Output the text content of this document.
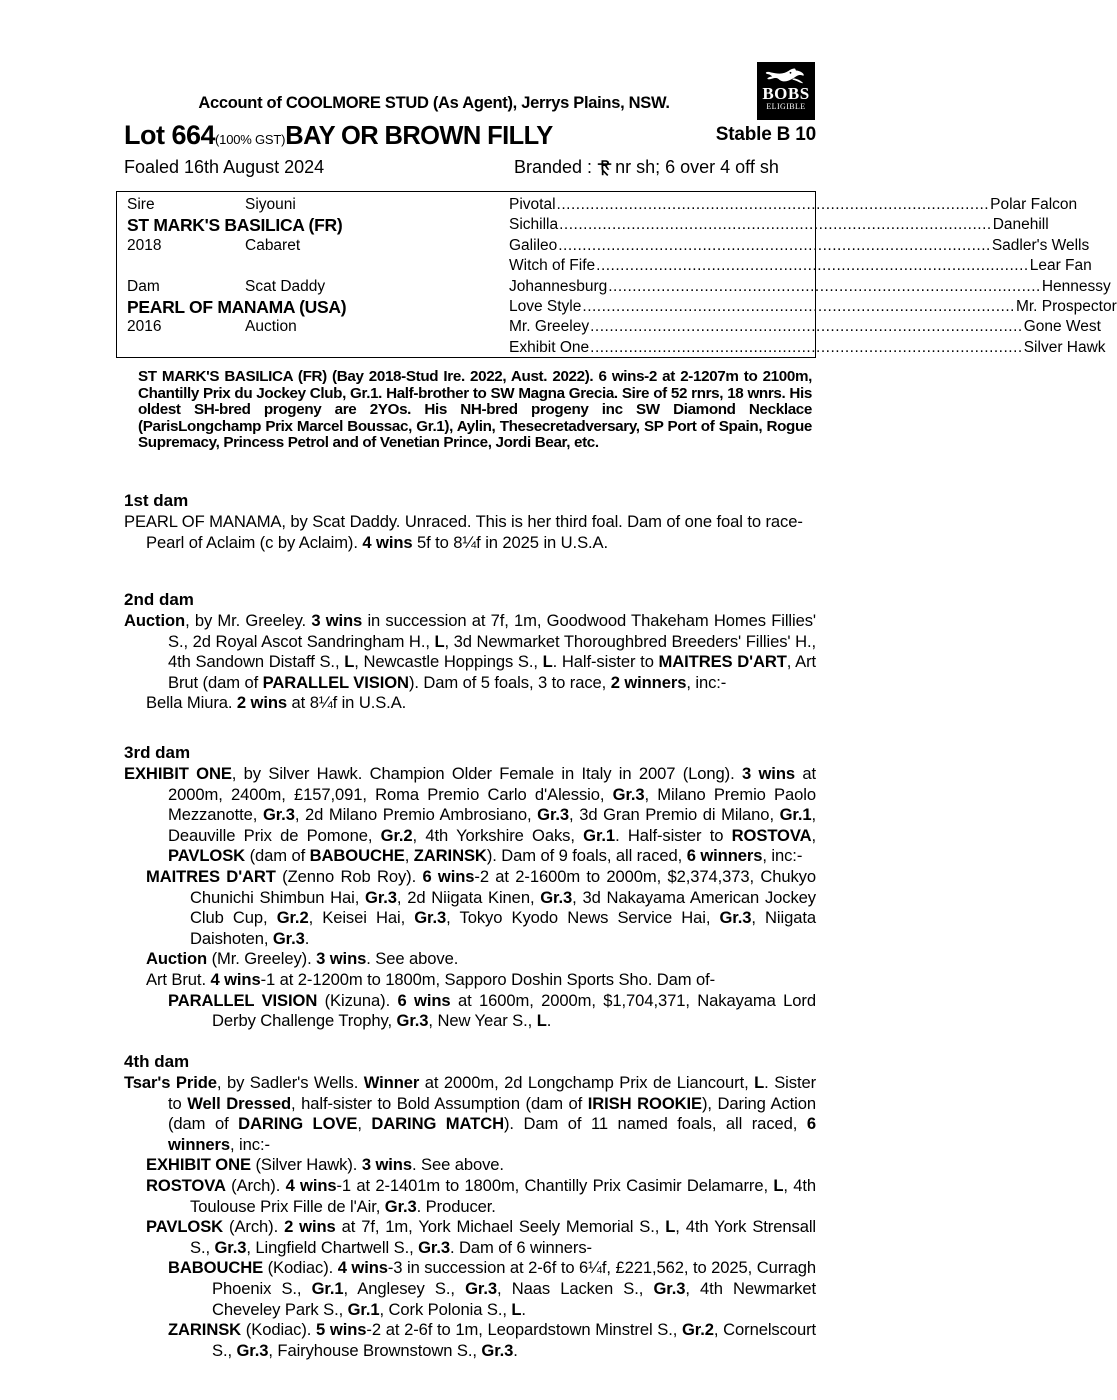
BOBS
ELIGIBLE
Account of COOLMORE STUD (As Agent), Jerrys Plains, NSW.
Lot 664(100% GST)BAY OR BROWN FILLY	Stable B 10
Foaled 16th August 2024	Branded : nr sh; 6 over 4 off sh
Sire	Siyouni
ST MARK'S BASILICA (FR)
2018	Cabaret
Dam	Scat Daddy
PEARL OF MANAMA (USA)
2016	Auction
Pivotal .......................................................................................... Polar Falcon
Sichilla .......................................................................................... Danehill
Galileo .......................................................................................... Sadler's Wells
Witch of Fife .......................................................................................... Lear Fan
Johannesburg .......................................................................................... Hennessy
Love Style .......................................................................................... Mr. Prospector
Mr. Greeley .......................................................................................... Gone West
Exhibit One .......................................................................................... Silver Hawk
ST MARK'S BASILICA (FR) (Bay 2018-Stud Ire. 2022, Aust. 2022). 6 wins-2 at 2-1207m to 2100m, Chantilly Prix du Jockey Club, Gr.1. Half-brother to SW Magna Grecia. Sire of 52 rnrs, 18 wnrs. His oldest SH-bred progeny are 2YOs. His NH-bred progeny inc SW Diamond Necklace (ParisLongchamp Prix Marcel Boussac, Gr.1), Aylin, Thesecretadversary, SP Port of Spain, Rogue Supremacy, Princess Petrol and of Venetian Prince, Jordi Bear, etc.
1st dam
PEARL OF MANAMA, by Scat Daddy. Unraced. This is her third foal. Dam of one foal to race-
Pearl of Aclaim (c by Aclaim). 4 wins 5f to 8¼f in 2025 in U.S.A.
2nd dam
Auction, by Mr. Greeley. 3 wins in succession at 7f, 1m, Goodwood Thakeham Homes Fillies' S., 2d Royal Ascot Sandringham H., L, 3d Newmarket Thoroughbred Breeders' Fillies' H., 4th Sandown Distaff S., L, Newcastle Hoppings S., L. Half-sister to MAITRES D'ART, Art Brut (dam of PARALLEL VISION). Dam of 5 foals, 3 to race, 2 winners, inc:-
Bella Miura. 2 wins at 8¼f in U.S.A.
3rd dam
EXHIBIT ONE, by Silver Hawk. Champion Older Female in Italy in 2007 (Long). 3 wins at 2000m, 2400m, £157,091, Roma Premio Carlo d'Alessio, Gr.3, Milano Premio Paolo Mezzanotte, Gr.3, 2d Milano Premio Ambrosiano, Gr.3, 3d Gran Premio di Milano, Gr.1, Deauville Prix de Pomone, Gr.2, 4th Yorkshire Oaks, Gr.1. Half-sister to ROSTOVA, PAVLOSK (dam of BABOUCHE, ZARINSK). Dam of 9 foals, all raced, 6 winners, inc:-
MAITRES D'ART (Zenno Rob Roy). 6 wins-2 at 2-1600m to 2000m, $2,374,373, Chukyo Chunichi Shimbun Hai, Gr.3, 2d Niigata Kinen, Gr.3, 3d Nakayama American Jockey Club Cup, Gr.2, Keisei Hai, Gr.3, Tokyo Kyodo News Service Hai, Gr.3, Niigata Daishoten, Gr.3.
Auction (Mr. Greeley). 3 wins. See above.
Art Brut. 4 wins-1 at 2-1200m to 1800m, Sapporo Doshin Sports Sho. Dam of-
PARALLEL VISION (Kizuna). 6 wins at 1600m, 2000m, $1,704,371, Nakayama Lord Derby Challenge Trophy, Gr.3, New Year S., L.
4th dam
Tsar's Pride, by Sadler's Wells. Winner at 2000m, 2d Longchamp Prix de Liancourt, L. Sister to Well Dressed, half-sister to Bold Assumption (dam of IRISH ROOKIE), Daring Action (dam of DARING LOVE, DARING MATCH). Dam of 11 named foals, all raced, 6 winners, inc:-
EXHIBIT ONE (Silver Hawk). 3 wins. See above.
ROSTOVA (Arch). 4 wins-1 at 2-1401m to 1800m, Chantilly Prix Casimir Delamarre, L, 4th Toulouse Prix Fille de l'Air, Gr.3. Producer.
PAVLOSK (Arch). 2 wins at 7f, 1m, York Michael Seely Memorial S., L, 4th York Strensall S., Gr.3, Lingfield Chartwell S., Gr.3. Dam of 6 winners-
BABOUCHE (Kodiac). 4 wins-3 in succession at 2-6f to 6¼f, £221,562, to 2025, Curragh Phoenix S., Gr.1, Anglesey S., Gr.3, Naas Lacken S., Gr.3, 4th Newmarket Cheveley Park S., Gr.1, Cork Polonia S., L.
ZARINSK (Kodiac). 5 wins-2 at 2-6f to 1m, Leopardstown Minstrel S., Gr.2, Cornelscourt S., Gr.3, Fairyhouse Brownstown S., Gr.3.
